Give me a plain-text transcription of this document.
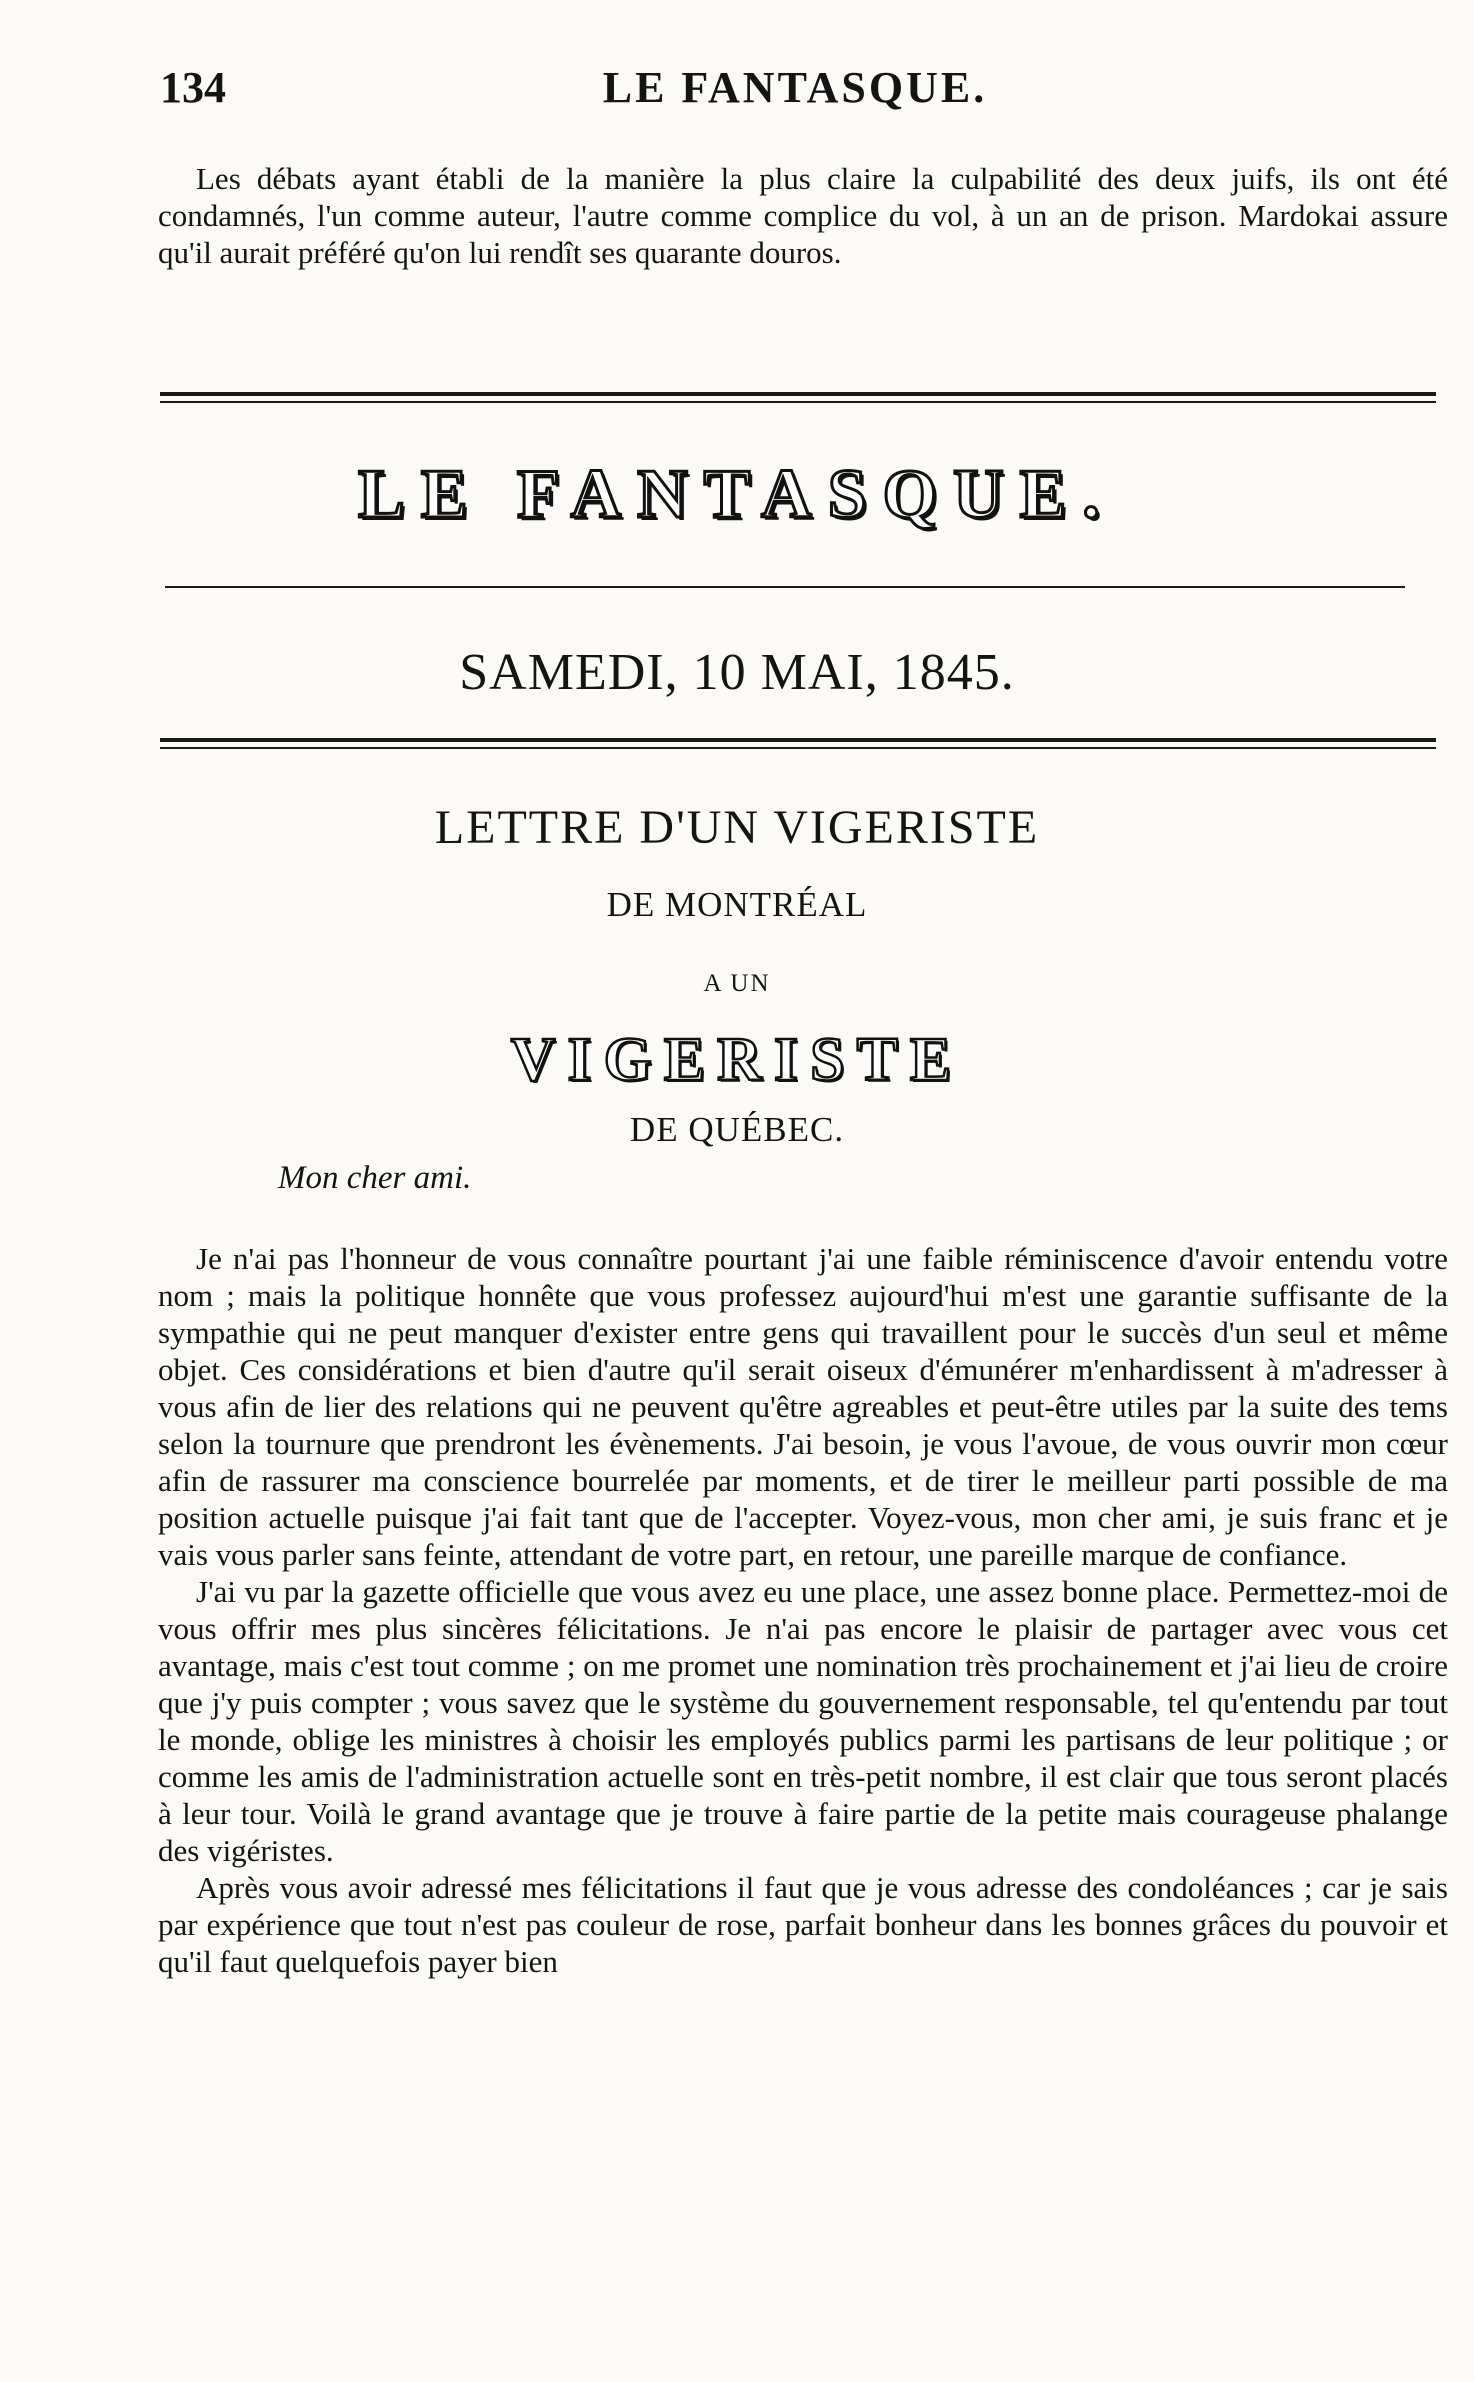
134	LE FANTASQUE.

Les débats ayant établi de la manière la plus claire la culpabilité des deux juifs, ils ont été condamnés, l'un comme auteur, l'autre comme complice du vol, à un an de prison. Mardokai assure qu'il aurait préféré qu'on lui rendît ses quarante douros.

LE FANTASQUE.
SAMEDI, 10 MAI, 1845.
LETTRE D'UN VIGERISTE
DE MONTRÉAL
A UN
VIGERISTE
DE QUÉBEC.
Mon cher ami.

Je n'ai pas l'honneur de vous connaître pourtant j'ai une faible réminiscence d'avoir entendu votre nom ; mais la politique honnête que vous professez aujourd'hui m'est une garantie suffisante de la sympathie qui ne peut manquer d'exister entre gens qui travaillent pour le succès d'un seul et même objet. Ces considérations et bien d'autre qu'il serait oiseux d'émunérer m'enhardissent à m'adresser à vous afin de lier des relations qui ne peuvent qu'être agreables et peut-être utiles par la suite des tems selon la tournure que prendront les évènements. J'ai besoin, je vous l'avoue, de vous ouvrir mon cœur afin de rassurer ma conscience bourrelée par moments, et de tirer le meilleur parti possible de ma position actuelle puisque j'ai fait tant que de l'accepter. Voyez-vous, mon cher ami, je suis franc et je vais vous parler sans feinte, attendant de votre part, en retour, une pareille marque de confiance.

J'ai vu par la gazette officielle que vous avez eu une place, une assez bonne place. Permettez-moi de vous offrir mes plus sincères félicitations. Je n'ai pas encore le plaisir de partager avec vous cet avantage, mais c'est tout comme ; on me promet une nomination très prochainement et j'ai lieu de croire que j'y puis compter ; vous savez que le système du gouvernement responsable, tel qu'entendu par tout le monde, oblige les ministres à choisir les employés publics parmi les partisans de leur politique ; or comme les amis de l'administration actuelle sont en très-petit nombre, il est clair que tous seront placés à leur tour. Voilà le grand avantage que je trouve à faire partie de la petite mais courageuse phalange des vigéristes.

Après vous avoir adressé mes félicitations il faut que je vous adresse des condoléances ; car je sais par expérience que tout n'est pas couleur de rose, parfait bonheur dans les bonnes grâces du pouvoir et qu'il faut quelquefois payer bien
